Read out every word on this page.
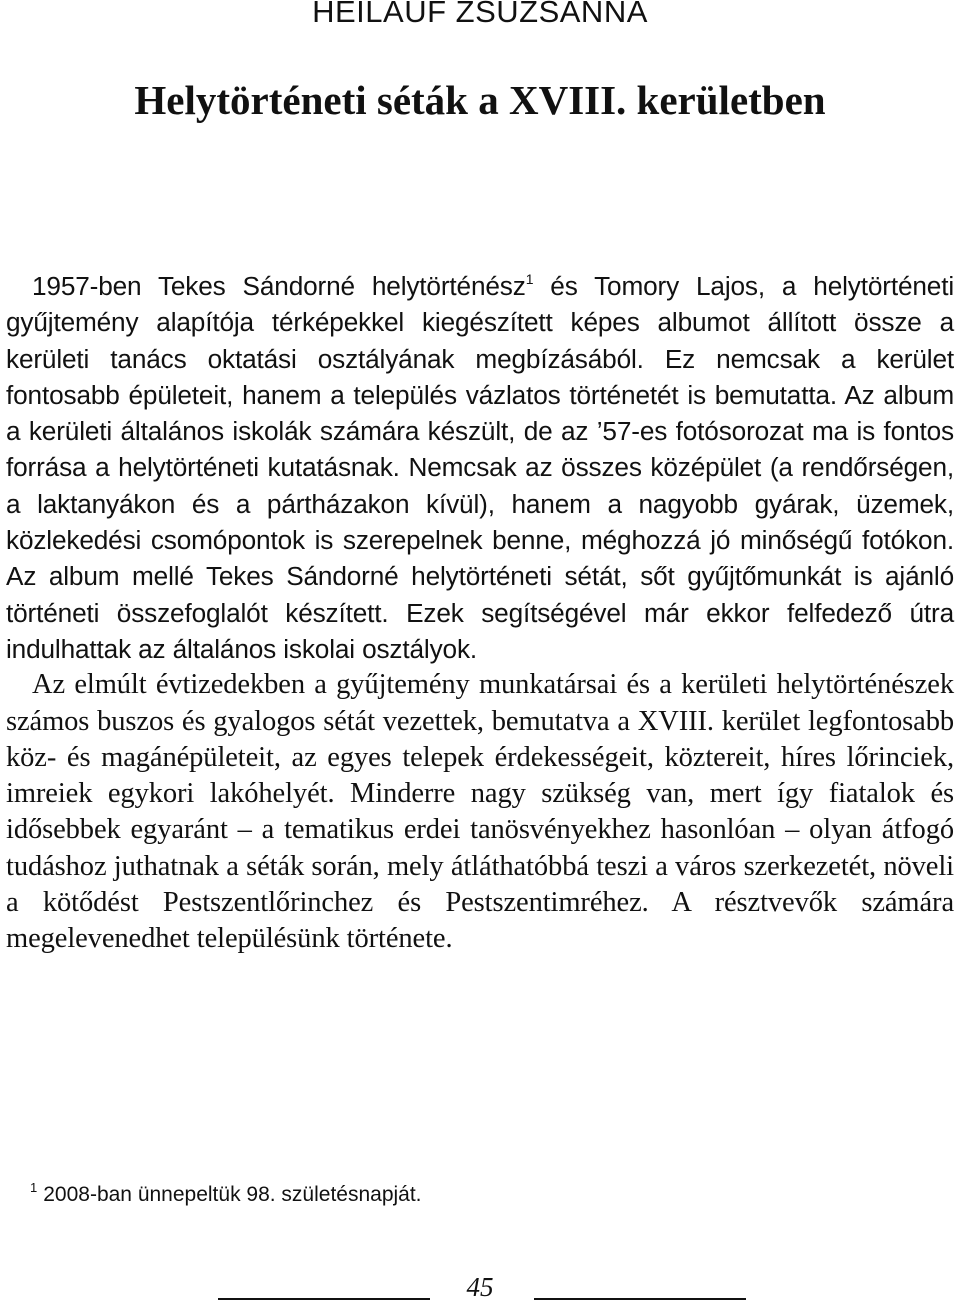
HEILAUF ZSUZSANNA
Helytörténeti séták a XVIII. kerületben

1957-ben Tekes Sándorné helytörténész$^1$ és Tomory Lajos, a helytörténeti gyűjtemény alapítója térképekkel kiegészített képes albumot állított össze a kerületi tanács oktatási osztályának megbízásából. Ez nemcsak a kerület fontosabb épületeit, hanem a település vázlatos történetét is bemutatta. Az album a kerületi általános iskolák számára készült, de az ’57-es fotósorozat ma is fontos forrása a helytörténeti kutatásnak. Nemcsak az összes középület (a rendőrségen, a laktanyákon és a pártházakon kívül), hanem a nagyobb gyárak, üzemek, közlekedési csomópontok is szerepelnek benne, méghozzá jó minőségű fotókon. Az album mellé Tekes Sándorné helytörténeti sétát, sőt gyűjtőmunkát is ajánló történeti összefoglalót készített. Ezek segítségével már ekkor felfedező útra indulhattak az általános iskolai osztályok.

Az elmúlt évtizedekben a gyűjtemény munkatársai és a kerületi helytörténészek számos buszos és gyalogos sétát vezettek, bemutatva a XVIII. kerület legfontosabb köz- és magánépületeit, az egyes telepek érdekességeit, köztereit, híres lőrinciek, imreiek egykori lakóhelyét. Minderre nagy szükség van, mert így fiatalok és idősebbek egyaránt – a tematikus erdei tanösvényekhez hasonlóan – olyan átfogó tudáshoz juthatnak a séták során, mely átláthatóbbá teszi a város szerkezetét, növeli a kötődést Pestszentlőrinchez és Pestszentimréhez. A résztvevők számára megelevenedhet településünk története.

$^1$ 2008-ban ünnepeltük 98. születésnapját.
45
